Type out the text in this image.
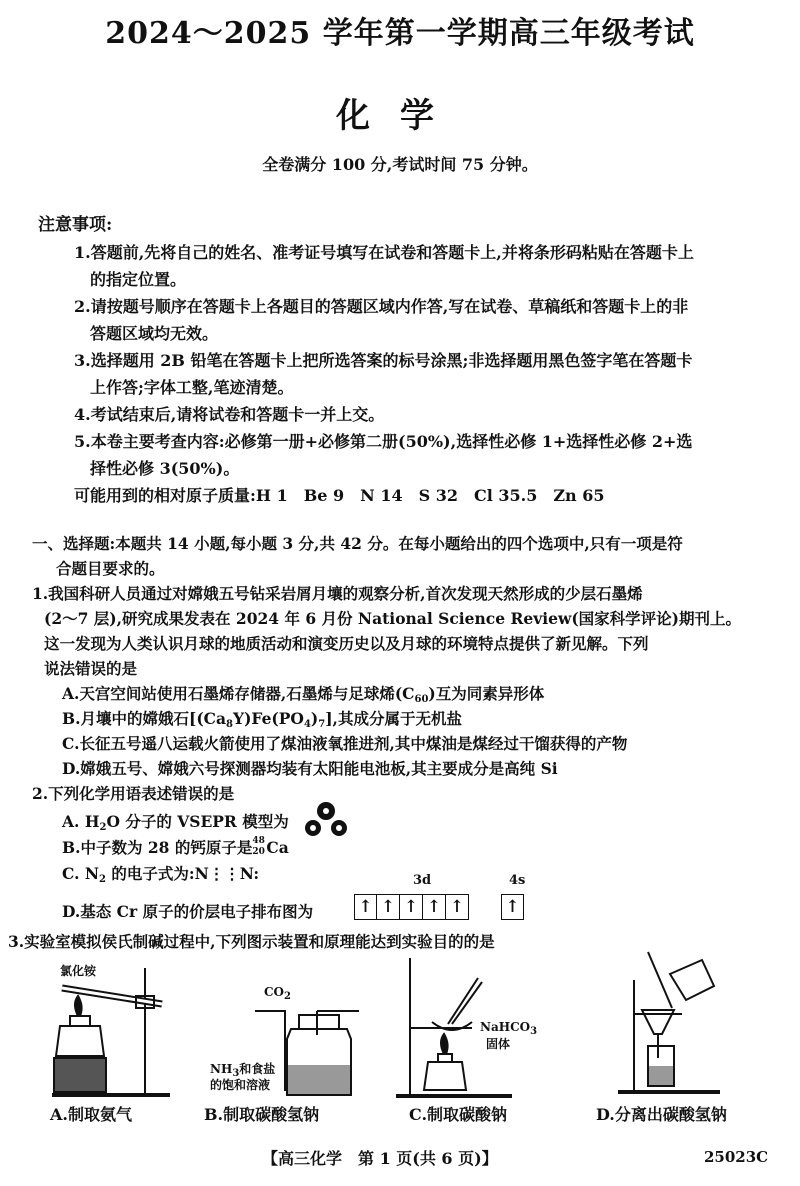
2024～2025 学年第一学期高三年级考试
化学
全卷满分 100 分,考试时间 75 分钟。
注意事项:
1.答题前,先将自己的姓名、准考证号填写在试卷和答题卡上,并将条形码粘贴在答题卡上
的指定位置。
2.请按题号顺序在答题卡上各题目的答题区域内作答,写在试卷、草稿纸和答题卡上的非
答题区域均无效。
3.选择题用 2B 铅笔在答题卡上把所选答案的标号涂黑;非选择题用黑色签字笔在答题卡
上作答;字体工整,笔迹清楚。
4.考试结束后,请将试卷和答题卡一并上交。
5.本卷主要考查内容:必修第一册+必修第二册(50%),选择性必修 1+选择性必修 2+选
择性必修 3(50%)。
可能用到的相对原子质量:H 1　Be 9　N 14　S 32　Cl 35.5　Zn 65
一、选择题:本题共 14 小题,每小题 3 分,共 42 分。在每小题给出的四个选项中,只有一项是符
合题目要求的。
1.我国科研人员通过对嫦娥五号钻采岩屑月壤的观察分析,首次发现天然形成的少层石墨烯
(2～7 层),研究成果发表在 2024 年 6 月份 National Science Review(国家科学评论)期刊上。
这一发现为人类认识月球的地质活动和演变历史以及月球的环境特点提供了新见解。下列
说法错误的是
A.天宫空间站使用石墨烯存储器,石墨烯与足球烯$(C_{60})$互为同素异形体
B.月壤中的嫦娥石$[(Ca_8Y)Fe(PO_4)_7]$,其成分属于无机盐
C.长征五号遥八运载火箭使用了煤油液氧推进剂,其中煤油是煤经过干馏获得的产物
D.嫦娥五号、嫦娥六号探测器均装有太阳能电池板,其主要成分是高纯 Si
2.下列化学用语表述错误的是
A. $H_2O$ 分子的 VSEPR 模型为
B.中子数为 28 的钙原子是 48
20 Ca
C. $N_2$ 的电子式为:N⋮⋮N:	3d	4s
D.基态 Cr 原子的价层电子排布图为	↑ ↑ ↑ ↑ ↑ ↑
3.实验室模拟侯氏制碱过程中,下列图示装置和原理能达到实验目的的是
氯化铵
A.制取氨气
$CO_2$
$NH_3$和食盐
的饱和溶液
B.制取碳酸氢钠
NaHCO$_3$
固体
C.制取碳酸钠	D.分离出碳酸氢钠
【高三化学　第 1 页(共 6 页)】	25023C
